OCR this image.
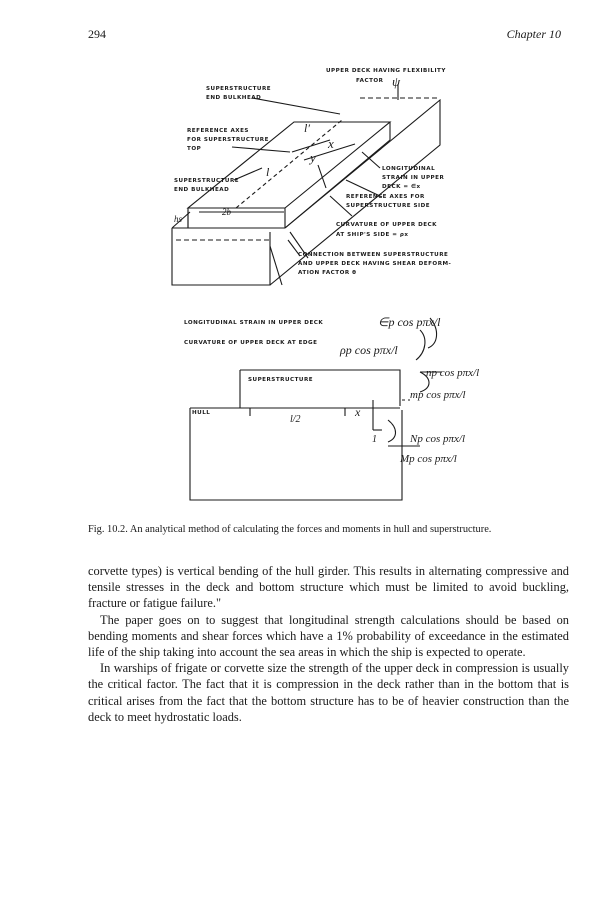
294	Chapter 10
UPPER DECK HAVING FLEXIBILITY
FACTOR ψ
SUPERSTRUCTURE
END BULKHEAD
REFERENCE AXES
FOR SUPERSTRUCTURE
TOP
SUPERSTRUCTURE
END BULKHEAD
LONGITUDINAL
STRAIN IN UPPER
DECK = ∈x
REFERENCE AXES FOR
SUPERSTRUCTURE SIDE
CURVATURE OF UPPER DECK
AT SHIP'S SIDE = ρx
CONNECTION BETWEEN SUPERSTRUCTURE
AND UPPER DECK HAVING SHEAR DEFORM-
ATION FACTOR θ
l′
l
x
y
hs
2b
LONGITUDINAL STRAIN IN UPPER DECK	∈p cos pπx/l
CURVATURE OF UPPER DECK AT EDGE ρp cos pπx/l
SUPERSTRUCTURE
HULL
np cos pπx/l
mp cos pπx/l
Np cos pπx/l
Mp cos pπx/l
l/2
x
1
Fig. 10.2. An analytical method of calculating the forces and moments in hull and superstructure.

corvette types) is vertical bending of the hull girder. This results in alternating compressive and tensile stresses in the deck and bottom structure which must be limited to avoid buckling, fracture or fatigue failure."

The paper goes on to suggest that longitudinal strength calculations should be based on bending moments and shear forces which have a 1% probability of exceedance in the estimated life of the ship taking into account the sea areas in which the ship is expected to operate.

In warships of frigate or corvette size the strength of the upper deck in compression is usually the critical factor. The fact that it is compression in the deck rather than in the bottom that is critical arises from the fact that the bottom structure has to be of heavier construction than the deck to meet hydrostatic loads.
